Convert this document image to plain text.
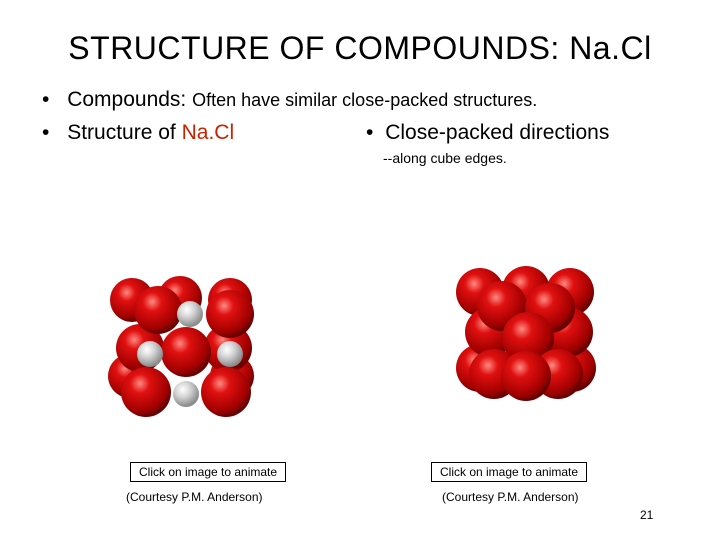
STRUCTURE OF COMPOUNDS: Na.Cl
• Compounds: Often have similar close-packed structures.
• Structure of Na.Cl	• Close-packed directions
--along cube edges.
Click on image to animate	Click on image to animate
(Courtesy P.M. Anderson)	(Courtesy P.M. Anderson)
21
